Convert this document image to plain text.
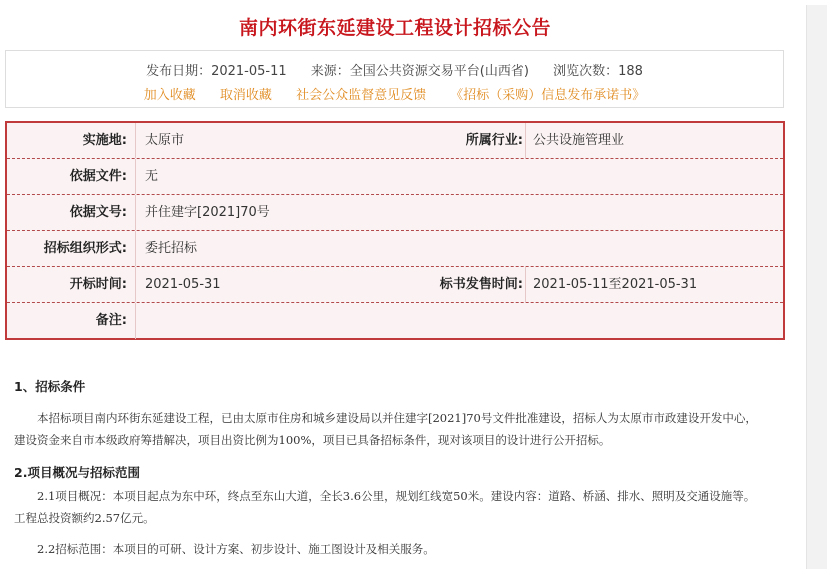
南内环街东延建设工程设计招标公告
发布日期：2021-05-11 来源：全国公共资源交易平台(山西省) 浏览次数：188
加入收藏 取消收藏 社会公众监督意见反馈 《招标（采购）信息发布承诺书》
实施地: 太原市	所属行业: 公共设施管理业
依据文件: 无
依据文号: 并住建字[2021]70号
招标组织形式: 委托招标
开标时间: 2021-05-31	标书发售时间: 2021-05-11至2021-05-31
备注:
1、招标条件

本招标项目南内环街东延建设工程，已由太原市住房和城乡建设局以并住建字[2021]70号文件批准建设，招标人为太原市市政建设开发中心，建设资金来自市本级政府筹措解决，项目出资比例为100%，项目已具备招标条件，现对该项目的设计进行公开招标。

2.项目概况与招标范围

2.1项目概况：本项目起点为东中环，终点至东山大道，全长3.6公里，规划红线宽50米。建设内容：道路、桥涵、排水、照明及交通设施等。工程总投资额约2.57亿元。

2.2招标范围：本项目的可研、设计方案、初步设计、施工图设计及相关服务。
